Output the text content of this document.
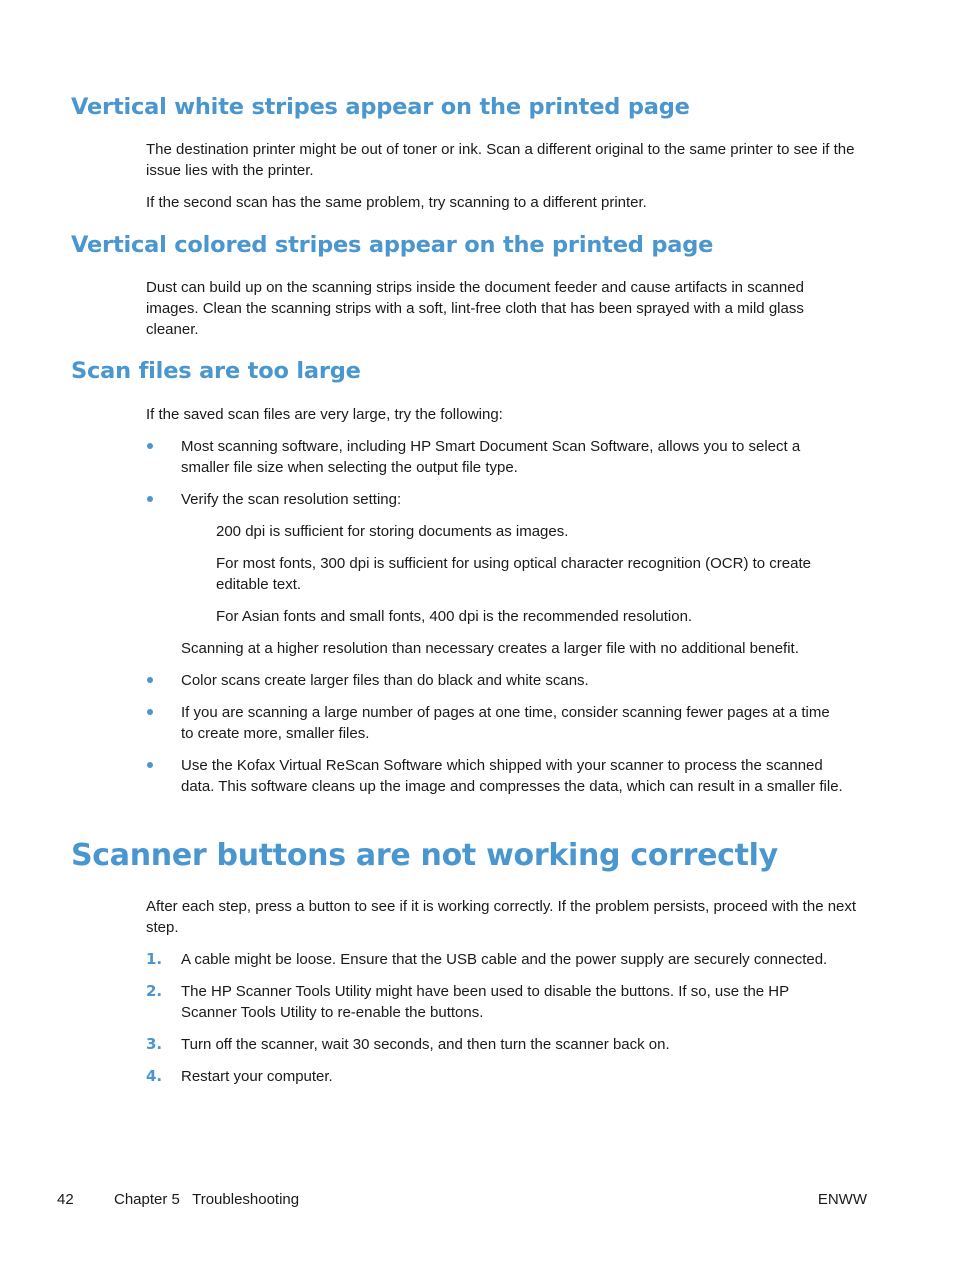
Vertical white stripes appear on the printed page

The destination printer might be out of toner or ink. Scan a different original to the same printer to see if the issue lies with the printer.

If the second scan has the same problem, try scanning to a different printer.

Vertical colored stripes appear on the printed page

Dust can build up on the scanning strips inside the document feeder and cause artifacts in scanned images. Clean the scanning strips with a soft, lint-free cloth that has been sprayed with a mild glass cleaner.

Scan files are too large

If the saved scan files are very large, try the following:

Most scanning software, including HP Smart Document Scan Software, allows you to select a smaller file size when selecting the output file type.

Verify the scan resolution setting:

200 dpi is sufficient for storing documents as images.

For most fonts, 300 dpi is sufficient for using optical character recognition (OCR) to create editable text.

For Asian fonts and small fonts, 400 dpi is the recommended resolution.

Scanning at a higher resolution than necessary creates a larger file with no additional benefit.

Color scans create larger files than do black and white scans.

If you are scanning a large number of pages at one time, consider scanning fewer pages at a time to create more, smaller files.

Use the Kofax Virtual ReScan Software which shipped with your scanner to process the scanned data. This software cleans up the image and compresses the data, which can result in a smaller file.

Scanner buttons are not working correctly

After each step, press a button to see if it is working correctly. If the problem persists, proceed with the next step.

1. A cable might be loose. Ensure that the USB cable and the power supply are securely connected.

2. The HP Scanner Tools Utility might have been used to disable the buttons. If so, use the HP Scanner Tools Utility to re-enable the buttons.

3. Turn off the scanner, wait 30 seconds, and then turn the scanner back on.

4. Restart your computer.

42	Chapter 5   Troubleshooting	ENWW
